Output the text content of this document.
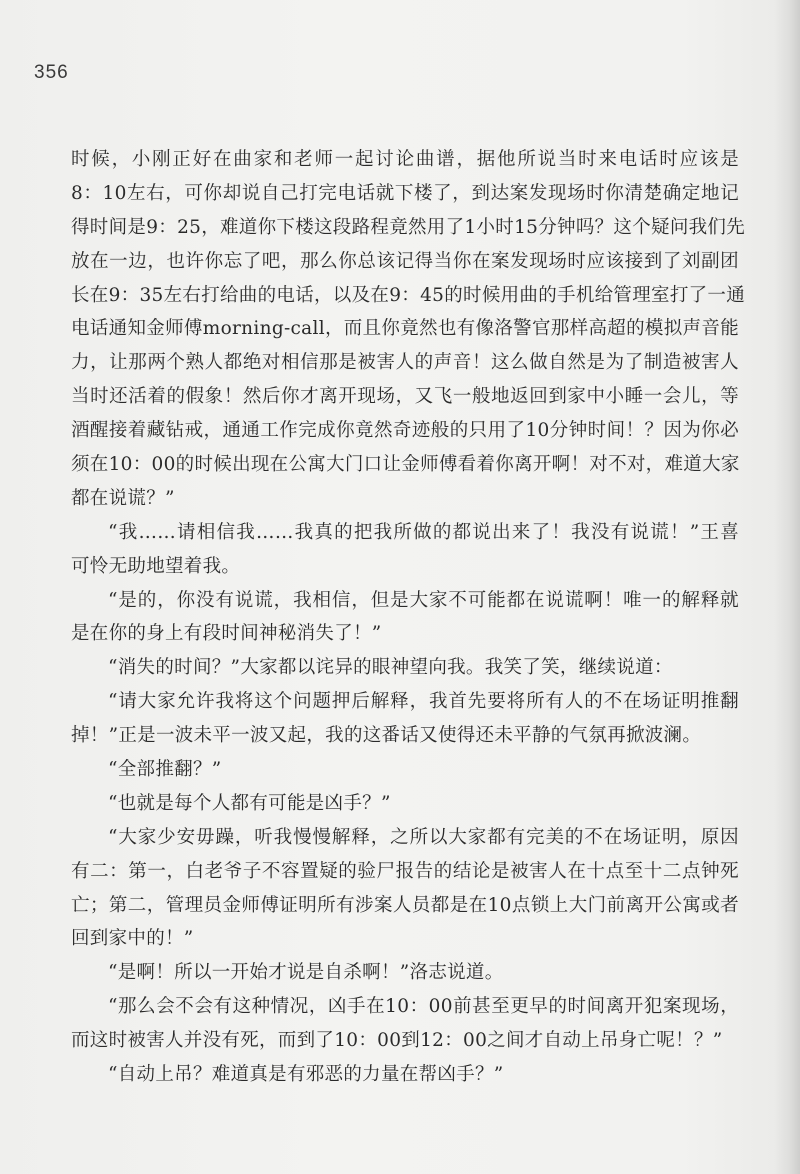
356
时候，小刚正好在曲家和老师一起讨论曲谱，据他所说当时来电话时应该是
8：10左右，可你却说自己打完电话就下楼了，到达案发现场时你清楚确定地记
得时间是9：25，难道你下楼这段路程竟然用了1小时15分钟吗？这个疑问我们先
放在一边，也许你忘了吧，那么你总该记得当你在案发现场时应该接到了刘副团
长在9：35左右打给曲的电话，以及在9：45的时候用曲的手机给管理室打了一通
电话通知金师傅morning-call，而且你竟然也有像洛警官那样高超的模拟声音能
力，让那两个熟人都绝对相信那是被害人的声音！这么做自然是为了制造被害人
当时还活着的假象！然后你才离开现场，又飞一般地返回到家中小睡一会儿，等
酒醒接着藏钻戒，通通工作完成你竟然奇迹般的只用了10分钟时间！？因为你必
须在10：00的时候出现在公寓大门口让金师傅看着你离开啊！对不对，难道大家
都在说谎？”
“我……请相信我……我真的把我所做的都说出来了！我没有说谎！”王喜
可怜无助地望着我。
“是的，你没有说谎，我相信，但是大家不可能都在说谎啊！唯一的解释就
是在你的身上有段时间神秘消失了！”
“消失的时间？”大家都以诧异的眼神望向我。我笑了笑，继续说道：
“请大家允许我将这个问题押后解释，我首先要将所有人的不在场证明推翻
掉！”正是一波未平一波又起，我的这番话又使得还未平静的气氛再掀波澜。
“全部推翻？”
“也就是每个人都有可能是凶手？”
“大家少安毋躁，听我慢慢解释，之所以大家都有完美的不在场证明，原因
有二：第一，白老爷子不容置疑的验尸报告的结论是被害人在十点至十二点钟死
亡；第二，管理员金师傅证明所有涉案人员都是在10点锁上大门前离开公寓或者
回到家中的！”
“是啊！所以一开始才说是自杀啊！”洛志说道。
“那么会不会有这种情况，凶手在10：00前甚至更早的时间离开犯案现场，
而这时被害人并没有死，而到了10：00到12：00之间才自动上吊身亡呢！？”
“自动上吊？难道真是有邪恶的力量在帮凶手？”
